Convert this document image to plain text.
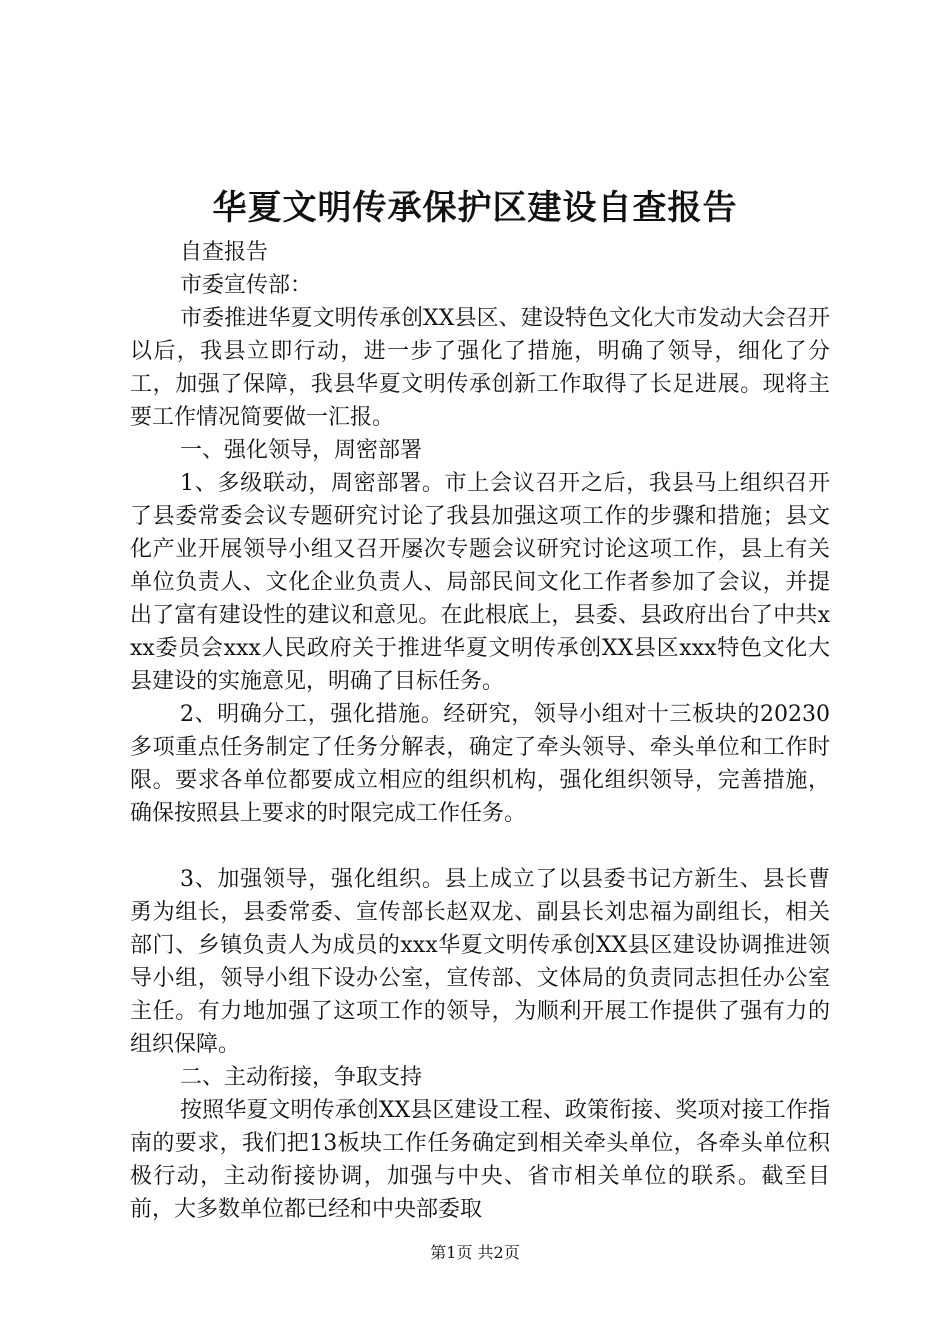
华夏文明传承保护区建设自查报告

自查报告

市委宣传部：

市委推进华夏文明传承创XX县区、建设特色文化大市发动大会召开以后，我县立即行动，进一步了强化了措施，明确了领导，细化了分工，加强了保障，我县华夏文明传承创新工作取得了长足进展。现将主要工作情况简要做一汇报。

一、强化领导，周密部署

1、多级联动，周密部署。市上会议召开之后，我县马上组织召开了县委常委会议专题研究讨论了我县加强这项工作的步骤和措施；县文化产业开展领导小组又召开屡次专题会议研究讨论这项工作，县上有关单位负责人、文化企业负责人、局部民间文化工作者参加了会议，并提出了富有建设性的建议和意见。在此根底上，县委、县政府出台了中共xxx委员会xxx人民政府关于推进华夏文明传承创XX县区xxx特色文化大县建设的实施意见，明确了目标任务。

2、明确分工，强化措施。经研究，领导小组对十三板块的20230多项重点任务制定了任务分解表，确定了牵头领导、牵头单位和工作时限。要求各单位都要成立相应的组织机构，强化组织领导，完善措施，确保按照县上要求的时限完成工作任务。

3、加强领导，强化组织。县上成立了以县委书记方新生、县长曹勇为组长，县委常委、宣传部长赵双龙、副县长刘忠福为副组长，相关部门、乡镇负责人为成员的xxx华夏文明传承创XX县区建设协调推进领导小组，领导小组下设办公室，宣传部、文体局的负责同志担任办公室主任。有力地加强了这项工作的领导，为顺利开展工作提供了强有力的组织保障。

二、主动衔接，争取支持

按照华夏文明传承创XX县区建设工程、政策衔接、奖项对接工作指南的要求，我们把13板块工作任务确定到相关牵头单位，各牵头单位积极行动，主动衔接协调，加强与中央、省市相关单位的联系。截至目前，大多数单位都已经和中央部委取

第1页 共2页
